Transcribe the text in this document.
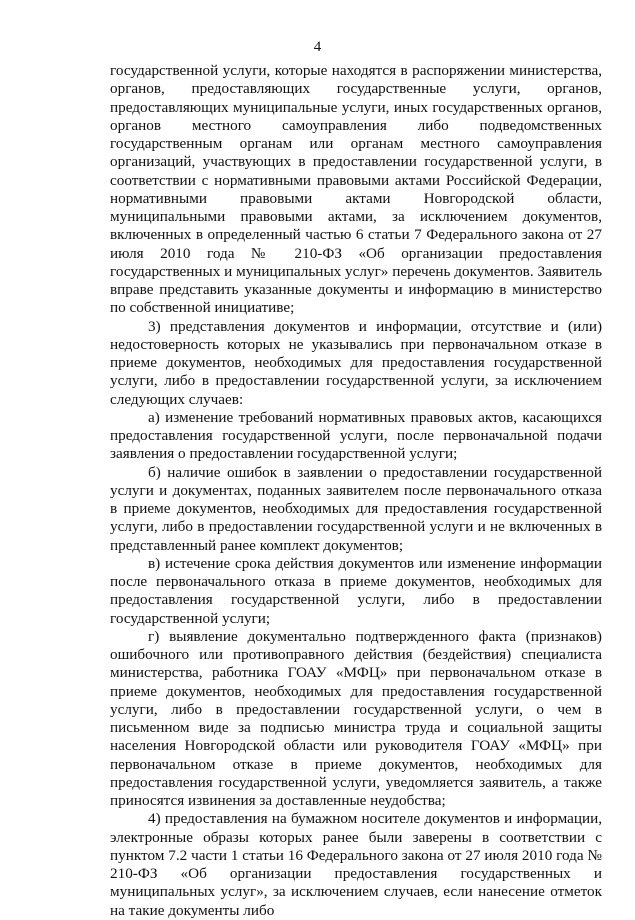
4

государственной услуги, которые находятся в распоряжении министерства, органов, предоставляющих государственные услуги, органов, предоставляющих муниципальные услуги, иных государственных органов, органов местного самоуправления либо подведомственных государственным органам или органам местного самоуправления организаций, участвующих в предоставлении государственной услуги, в соответствии с нормативными правовыми актами Российской Федерации, нормативными правовыми актами Новгородской области, муниципальными правовыми актами, за исключением документов, включенных в определенный частью 6 статьи 7 Федерального закона от 27 июля 2010 года № 210-ФЗ «Об организации предоставления государственных и муниципальных услуг» перечень документов. Заявитель вправе представить указанные документы и информацию в министерство по собственной инициативе;

3) представления документов и информации, отсутствие и (или) недостоверность которых не указывались при первоначальном отказе в приеме документов, необходимых для предоставления государственной услуги, либо в предоставлении государственной услуги, за исключением следующих случаев:

а) изменение требований нормативных правовых актов, касающихся предоставления государственной услуги, после первоначальной подачи заявления о предоставлении государственной услуги;

б) наличие ошибок в заявлении о предоставлении государственной услуги и документах, поданных заявителем после первоначального отказа в приеме документов, необходимых для предоставления государственной услуги, либо в предоставлении государственной услуги и не включенных в представленный ранее комплект документов;

в) истечение срока действия документов или изменение информации после первоначального отказа в приеме документов, необходимых для предоставления государственной услуги, либо в предоставлении государственной услуги;

г) выявление документально подтвержденного факта (признаков) ошибочного или противоправного действия (бездействия) специалиста министерства, работника ГОАУ «МФЦ» при первоначальном отказе в приеме документов, необходимых для предоставления государственной услуги, либо в предоставлении государственной услуги, о чем в письменном виде за подписью министра труда и социальной защиты населения Новгородской области или руководителя ГОАУ «МФЦ» при первоначальном отказе в приеме документов, необходимых для предоставления государственной услуги, уведомляется заявитель, а также приносятся извинения за доставленные неудобства;

4) предоставления на бумажном носителе документов и информации, электронные образы которых ранее были заверены в соответствии с пунктом 7.2 части 1 статьи 16 Федерального закона от 27 июля 2010 года № 210-ФЗ «Об организации предоставления государственных и муниципальных услуг», за исключением случаев, если нанесение отметок на такие документы либо
